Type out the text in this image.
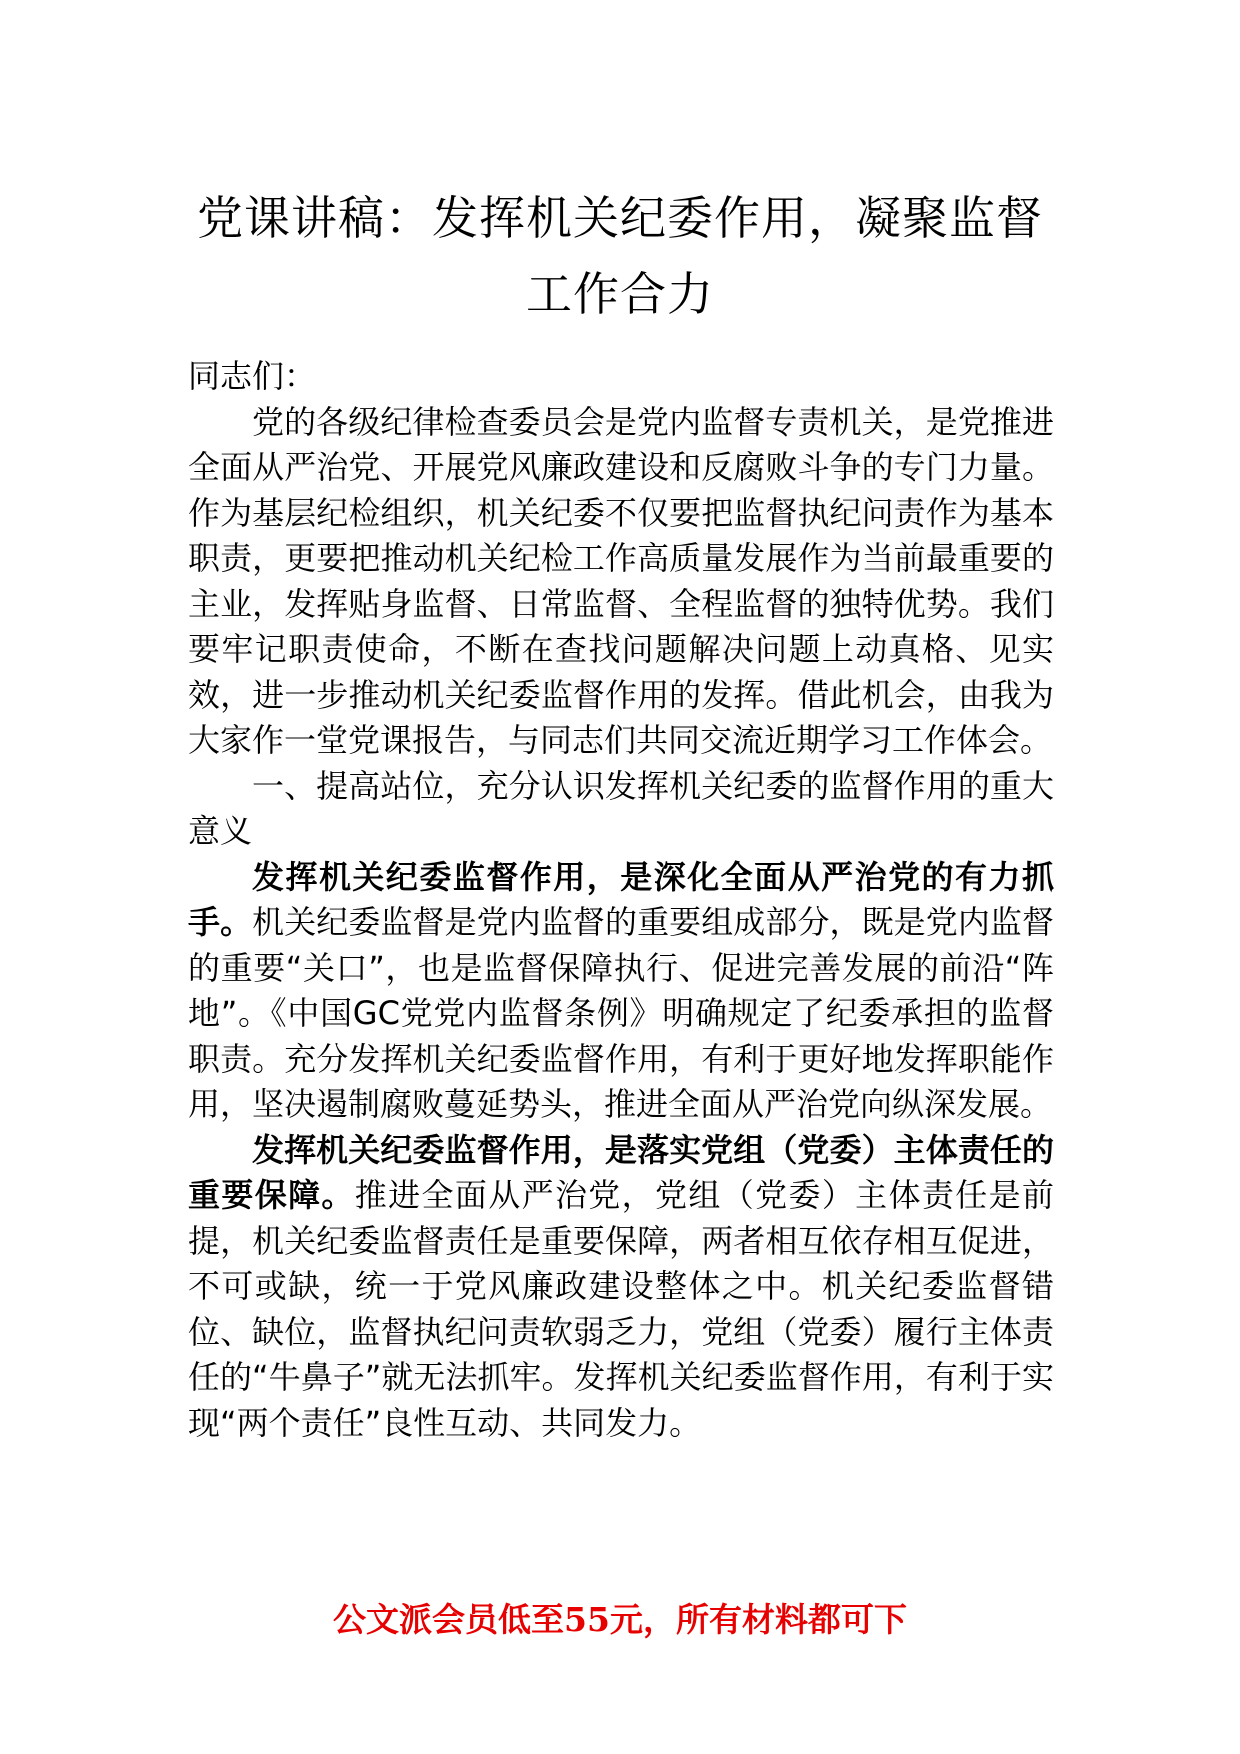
党课讲稿：发挥机关纪委作用，凝聚监督
工作合力

同志们：

党的各级纪律检查委员会是党内监督专责机关，是党推进全面从严治党、开展党风廉政建设和反腐败斗争的专门力量。作为基层纪检组织，机关纪委不仅要把监督执纪问责作为基本职责，更要把推动机关纪检工作高质量发展作为当前最重要的主业，发挥贴身监督、日常监督、全程监督的独特优势。我们要牢记职责使命，不断在查找问题解决问题上动真格、见实效，进一步推动机关纪委监督作用的发挥。借此机会，由我为大家作一堂党课报告，与同志们共同交流近期学习工作体会。

一、提高站位，充分认识发挥机关纪委的监督作用的重大意义

发挥机关纪委监督作用，是深化全面从严治党的有力抓手。机关纪委监督是党内监督的重要组成部分，既是党内监督的重要“关口”，也是监督保障执行、促进完善发展的前沿“阵地”。《中国GC党党内监督条例》明确规定了纪委承担的监督职责。充分发挥机关纪委监督作用，有利于更好地发挥职能作用，坚决遏制腐败蔓延势头，推进全面从严治党向纵深发展。

发挥机关纪委监督作用，是落实党组（党委）主体责任的重要保障。推进全面从严治党，党组（党委）主体责任是前提，机关纪委监督责任是重要保障，两者相互依存相互促进，不可或缺，统一于党风廉政建设整体之中。机关纪委监督错位、缺位，监督执纪问责软弱乏力，党组（党委）履行主体责任的“牛鼻子”就无法抓牢。发挥机关纪委监督作用，有利于实现“两个责任”良性互动、共同发力。

公文派会员低至55元，所有材料都可下
